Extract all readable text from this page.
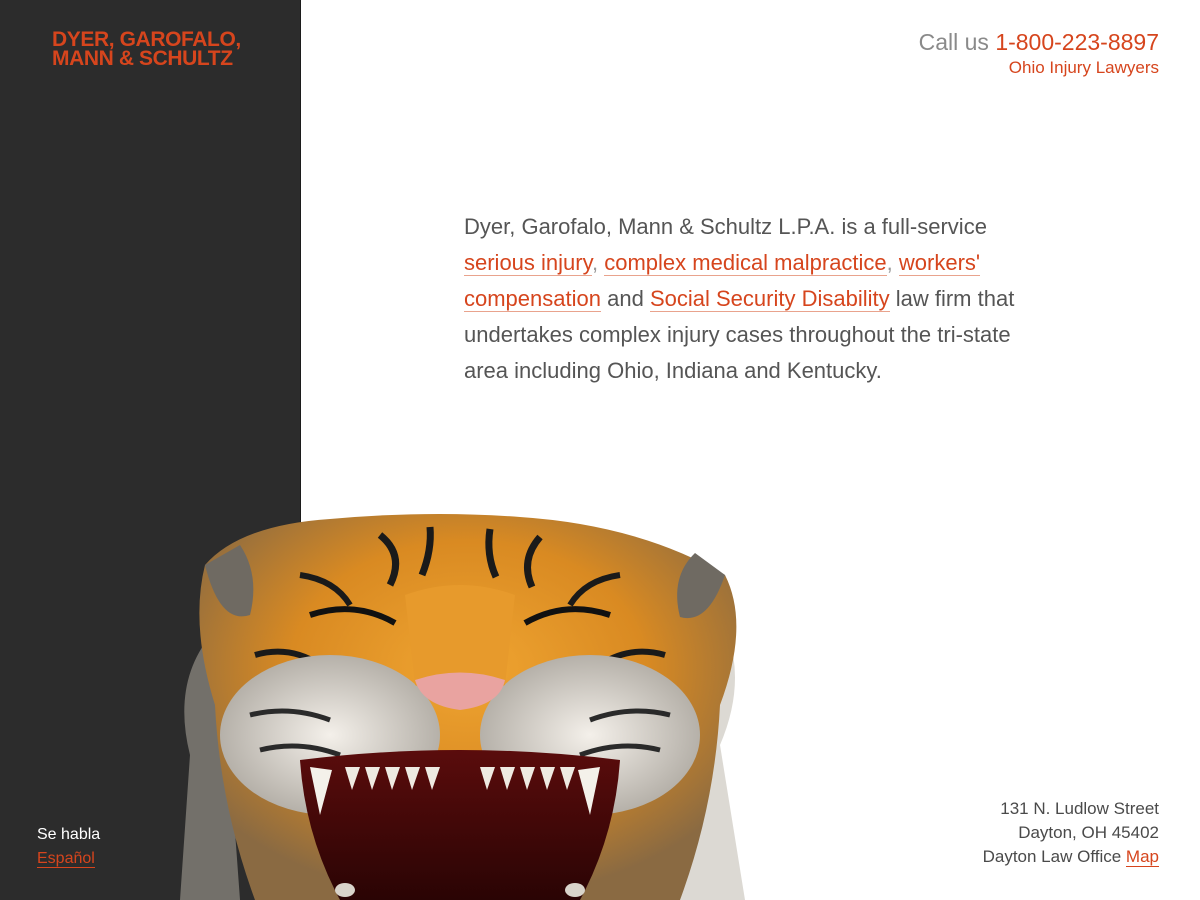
DYER, GAROFALO,
MANN & SCHULTZ
Se habla
Español
Call us 1-800-223-8897
Ohio Injury Lawyers
Dyer, Garofalo, Mann & Schultz L.P.A. is a full-service serious injury, complex medical malpractice, workers' compensation and Social Security Disability law firm that undertakes complex injury cases throughout the tri-state area including Ohio, Indiana and Kentucky.
131 N. Ludlow Street
Dayton, OH 45402
Dayton Law Office Map
